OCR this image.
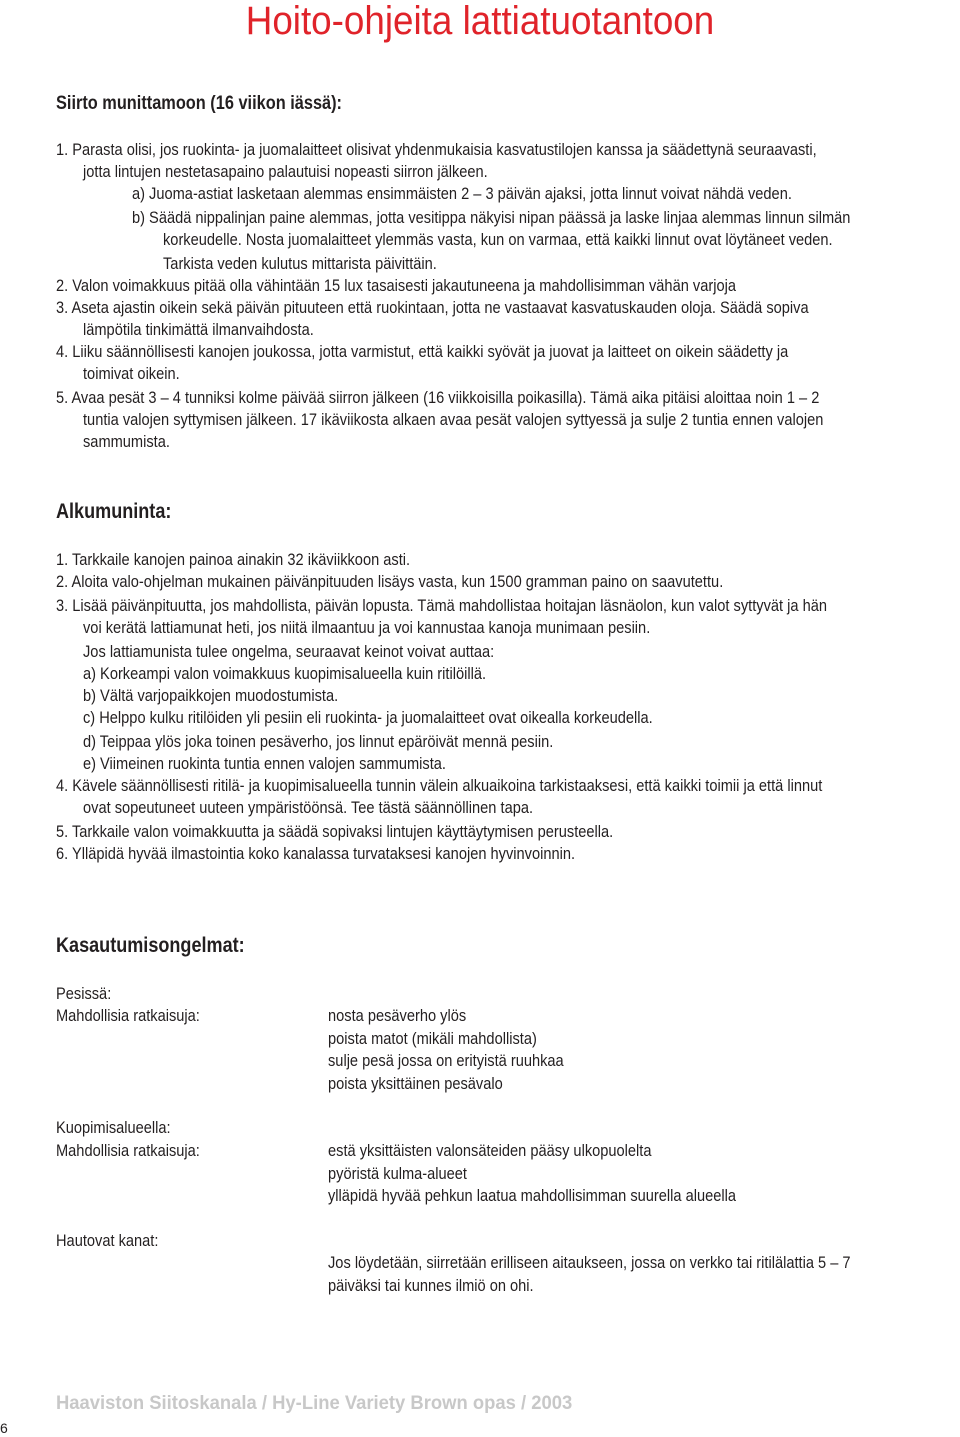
Hoito-ohjeita lattiatuotantoon
Siirto munittamoon (16 viikon iässä):
1. Parasta olisi, jos ruokinta- ja juomalaitteet olisivat yhdenmukaisia kasvatustilojen kanssa ja säädettynä seuraavasti,
jotta lintujen nestetasapaino palautuisi nopeasti siirron jälkeen.
a) Juoma-astiat lasketaan alemmas ensimmäisten 2 – 3 päivän ajaksi, jotta linnut voivat nähdä veden.
b) Säädä nippalinjan paine alemmas, jotta vesitippa näkyisi nipan päässä ja laske linjaa alemmas linnun silmän
korkeudelle. Nosta juomalaitteet ylemmäs vasta, kun on varmaa, että kaikki linnut ovat löytäneet veden.
Tarkista veden kulutus mittarista päivittäin.
2. Valon voimakkuus pitää olla vähintään 15 lux tasaisesti jakautuneena ja mahdollisimman vähän varjoja
3. Aseta ajastin oikein sekä päivän pituuteen että ruokintaan, jotta ne vastaavat kasvatuskauden oloja. Säädä sopiva
lämpötila tinkimättä ilmanvaihdosta.
4. Liiku säännöllisesti kanojen joukossa, jotta varmistut, että kaikki syövät ja juovat ja laitteet on oikein säädetty ja
toimivat oikein.
5. Avaa pesät 3 – 4 tunniksi kolme päivää siirron jälkeen (16 viikkoisilla poikasilla). Tämä aika pitäisi aloittaa noin 1 – 2
tuntia valojen syttymisen jälkeen. 17 ikäviikosta alkaen avaa pesät valojen syttyessä ja sulje 2 tuntia ennen valojen
sammumista.
Alkumuninta:
1. Tarkkaile kanojen painoa ainakin 32 ikäviikkoon asti.
2. Aloita valo-ohjelman mukainen päivänpituuden lisäys vasta, kun 1500 gramman paino on saavutettu.
3. Lisää päivänpituutta, jos mahdollista, päivän lopusta. Tämä mahdollistaa hoitajan läsnäolon, kun valot syttyvät ja hän
voi kerätä lattiamunat heti, jos niitä ilmaantuu ja voi kannustaa kanoja munimaan pesiin.
Jos lattiamunista tulee ongelma, seuraavat keinot voivat auttaa:
a) Korkeampi valon voimakkuus kuopimisalueella kuin ritilöillä.
b) Vältä varjopaikkojen muodostumista.
c) Helppo kulku ritilöiden yli pesiin eli ruokinta- ja juomalaitteet ovat oikealla korkeudella.
d) Teippaa ylös joka toinen pesäverho, jos linnut epäröivät mennä pesiin.
e) Viimeinen ruokinta tuntia ennen valojen sammumista.
4. Kävele säännöllisesti ritilä- ja kuopimisalueella tunnin välein alkuaikoina tarkistaaksesi, että kaikki toimii ja että linnut
ovat sopeutuneet uuteen ympäristöönsä. Tee tästä säännöllinen tapa.
5. Tarkkaile valon voimakkuutta ja säädä sopivaksi lintujen käyttäytymisen perusteella.
6. Ylläpidä hyvää ilmastointia koko kanalassa turvataksesi kanojen hyvinvoinnin.
Kasautumisongelmat:
Pesissä:
Mahdollisia ratkaisuja:	nosta pesäverho ylös
poista matot (mikäli mahdollista)
sulje pesä jossa on erityistä ruuhkaa
poista yksittäinen pesävalo
Kuopimisalueella:
Mahdollisia ratkaisuja:	estä yksittäisten valonsäteiden pääsy ulkopuolelta
pyöristä kulma-alueet
ylläpidä hyvää pehkun laatua mahdollisimman suurella alueella
Hautovat kanat:
Jos löydetään, siirretään erilliseen aitaukseen, jossa on verkko tai ritilälattia 5 – 7
päiväksi tai kunnes ilmiö on ohi.
Haaviston Siitoskanala / Hy-Line Variety Brown opas / 2003
6
